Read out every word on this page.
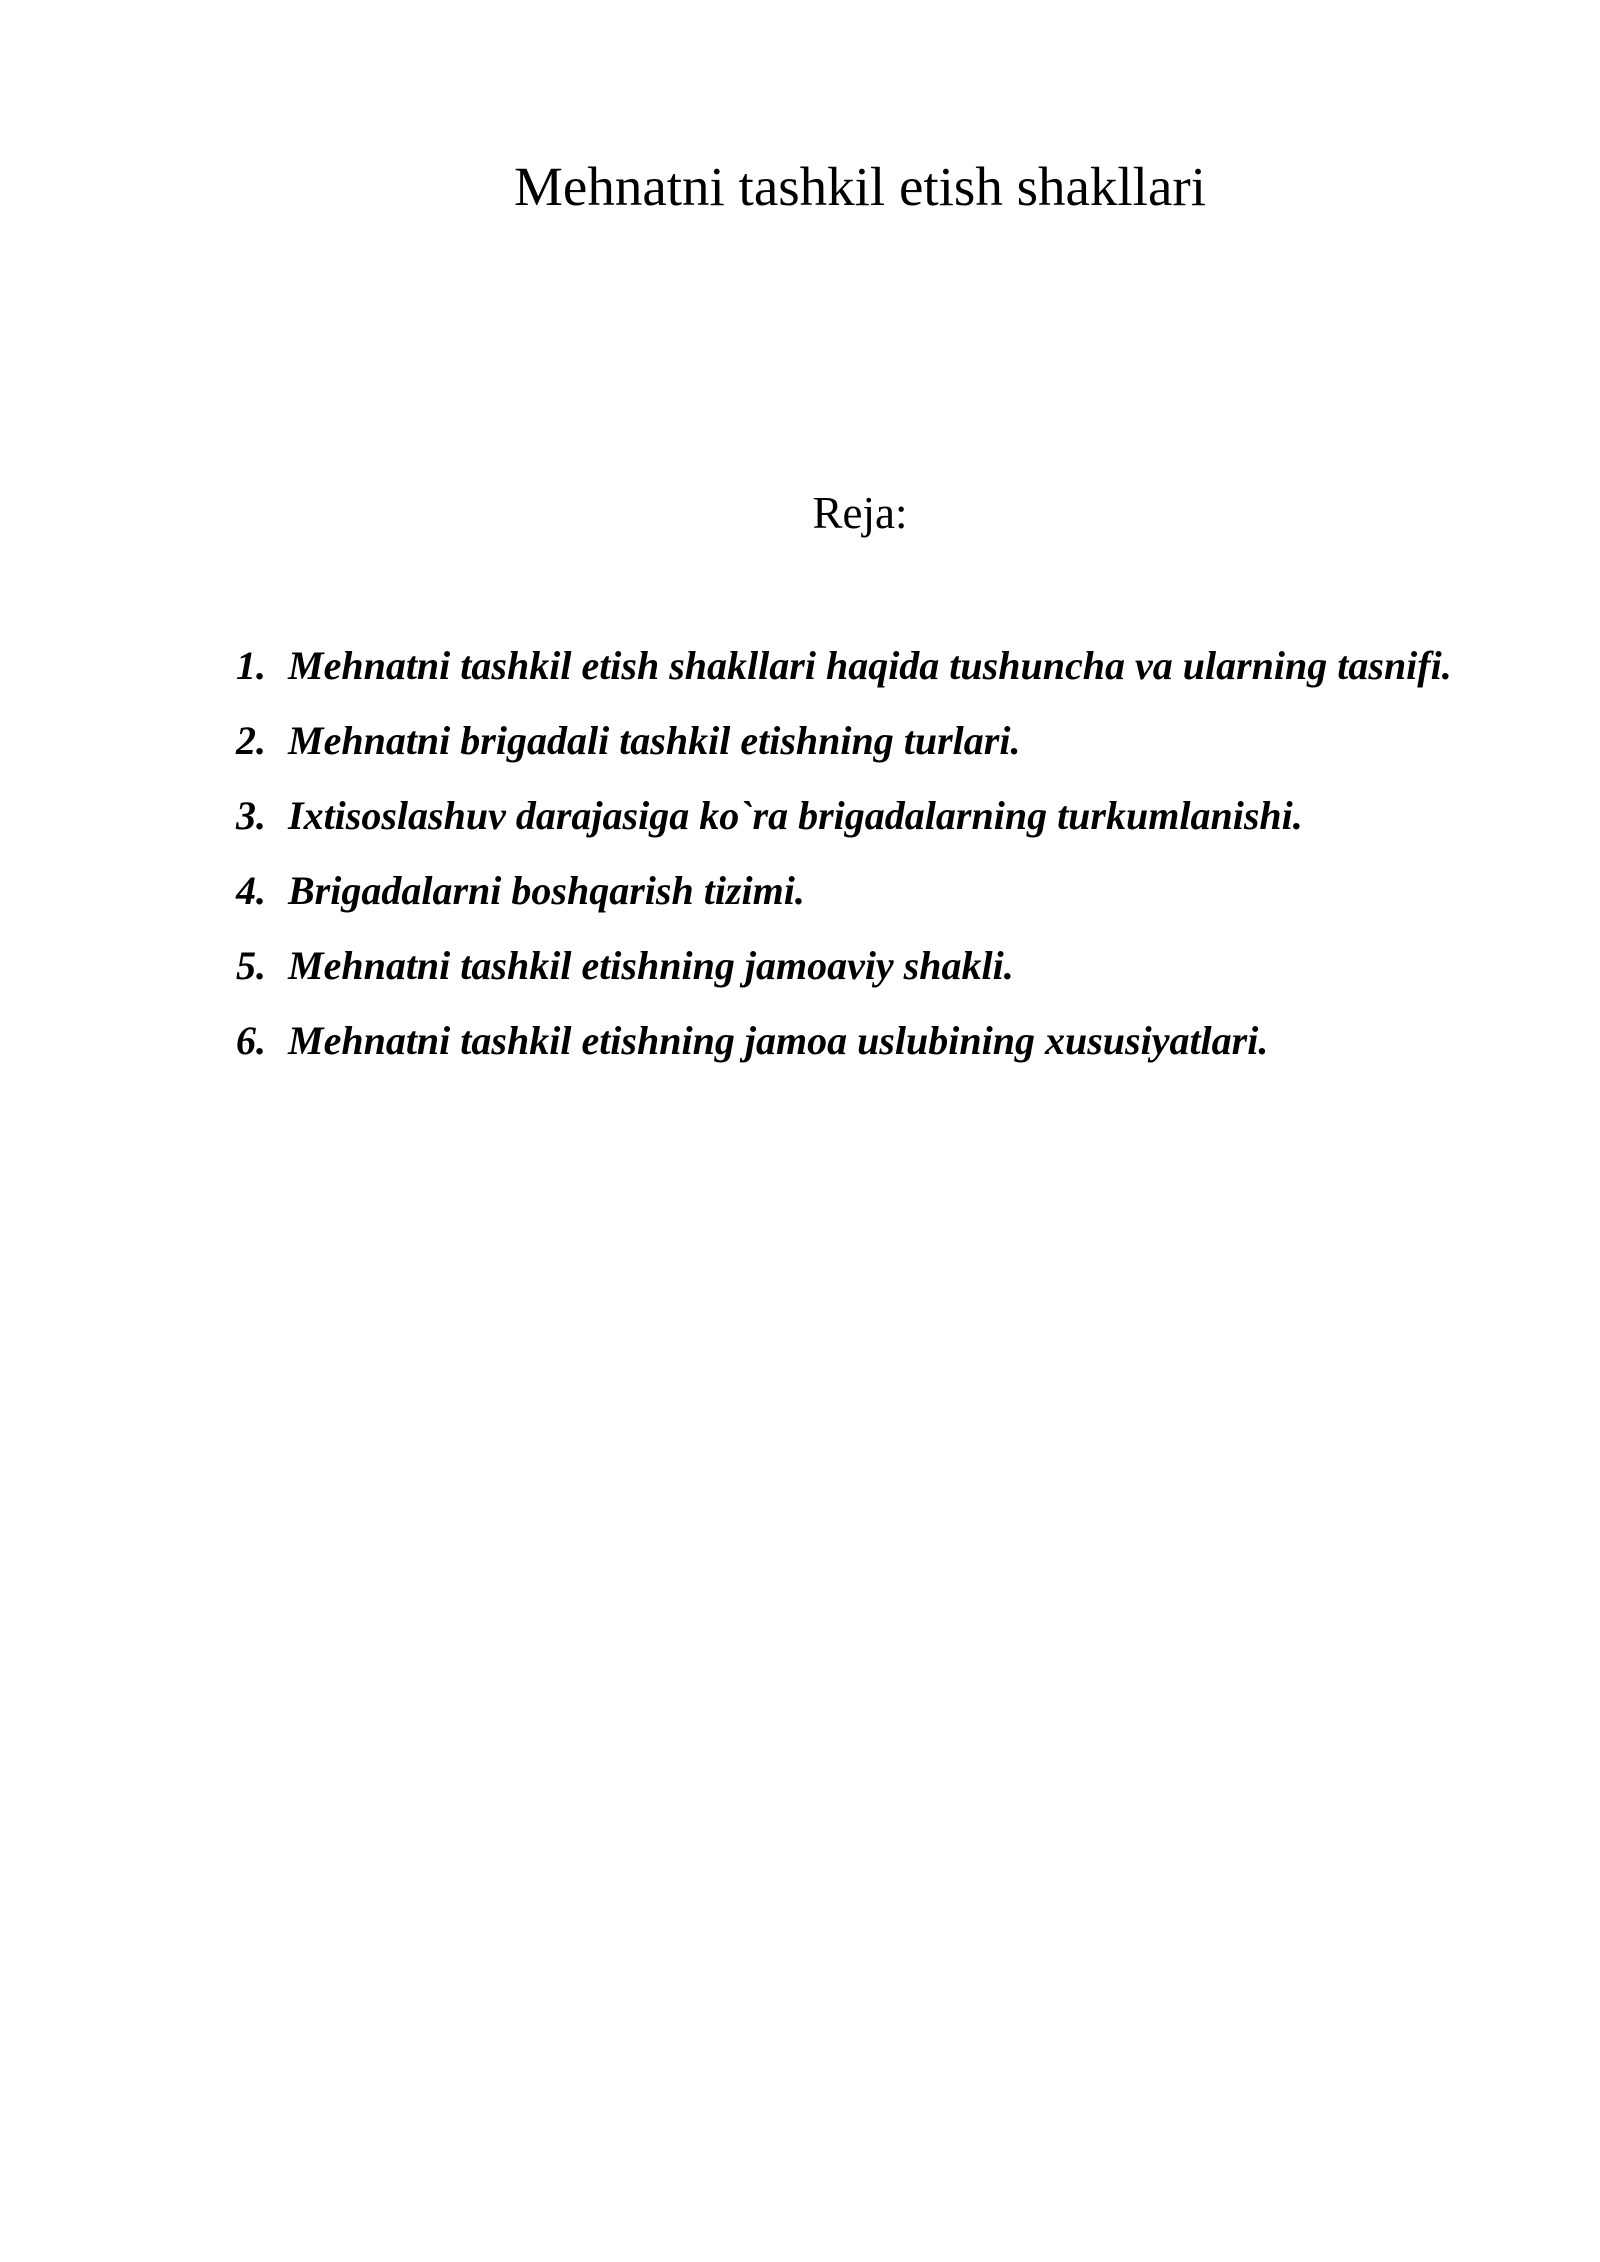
Mehnatni tashkil etish shakllari
Reja:
1. Mehnatni tashkil etish shakllari haqida tushuncha va ularning tasnifi.
2. Mehnatni brigadali tashkil etishning turlari.
3. Ixtisoslashuv darajasiga ko`ra brigadalarning turkumlanishi.
4. Brigadalarni boshqarish tizimi.
5. Mehnatni tashkil etishning jamoaviy shakli.
6. Mehnatni tashkil etishning jamoa uslubining xususiyatlari.
